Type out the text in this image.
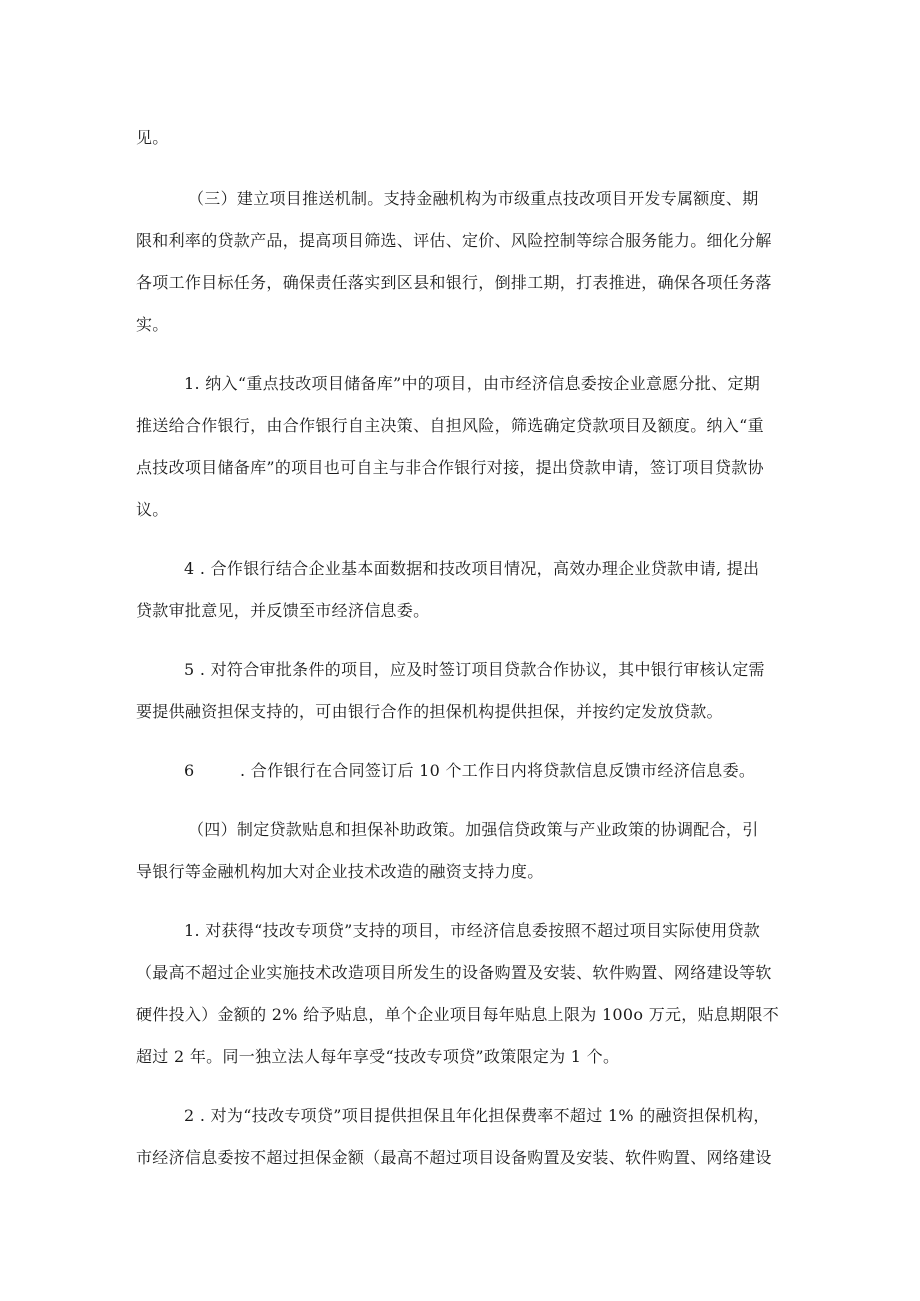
见。
（三）建立项目推送机制。支持金融机构为市级重点技改项目开发专属额度、期
限和利率的贷款产品，提高项目筛选、评估、定价、风险控制等综合服务能力。细化分解
各项工作目标任务，确保责任落实到区县和银行，倒排工期，打表推进，确保各项任务落
实。
1. 纳入“重点技改项目储备库”中的项目，由市经济信息委按企业意愿分批、定期
推送给合作银行，由合作银行自主决策、自担风险，筛选确定贷款项目及额度。纳入“重
点技改项目储备库”的项目也可自主与非合作银行对接，提出贷款申请，签订项目贷款协
议。
4 . 合作银行结合企业基本面数据和技改项目情况，高效办理企业贷款申请, 提出
贷款审批意见，并反馈至市经济信息委。
5 . 对符合审批条件的项目，应及时签订项目贷款合作协议，其中银行审核认定需
要提供融资担保支持的，可由银行合作的担保机构提供担保，并按约定发放贷款。
6	. 合作银行在合同签订后 10 个工作日内将贷款信息反馈市经济信息委。
（四）制定贷款贴息和担保补助政策。加强信贷政策与产业政策的协调配合，引
导银行等金融机构加大对企业技术改造的融资支持力度。
1. 对获得“技改专项贷”支持的项目，市经济信息委按照不超过项目实际使用贷款
（最高不超过企业实施技术改造项目所发生的设备购置及安装、软件购置、网络建设等软
硬件投入）金额的 2% 给予贴息，单个企业项目每年贴息上限为 100o 万元，贴息期限不
超过 2 年。同一独立法人每年享受“技改专项贷”政策限定为 1 个。
2 . 对为“技改专项贷”项目提供担保且年化担保费率不超过 1% 的融资担保机构，
市经济信息委按不超过担保金额（最高不超过项目设备购置及安装、软件购置、网络建设
